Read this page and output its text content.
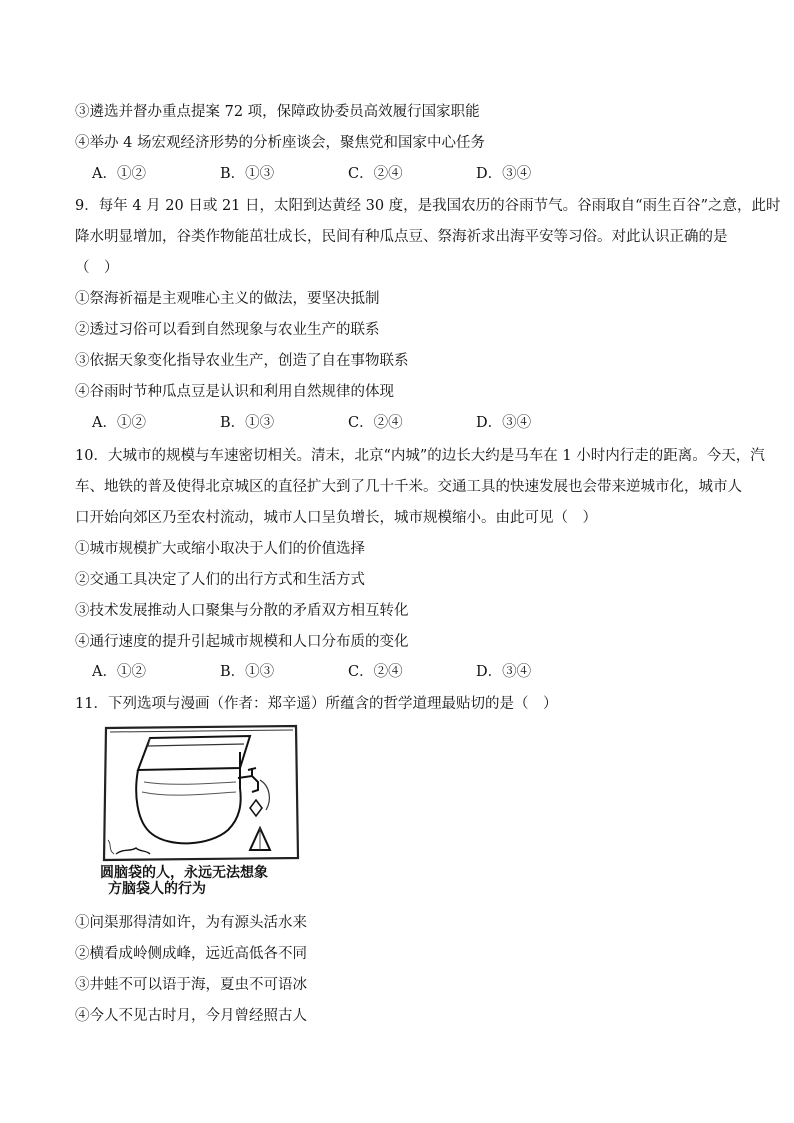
③遴选并督办重点提案 72 项，保障政协委员高效履行国家职能
④举办 4 场宏观经济形势的分析座谈会，聚焦党和国家中心任务
A．①②	B．①③	C．②④	D．③④
9．每年 4 月 20 日或 21 日，太阳到达黄经 30 度，是我国农历的谷雨节气。谷雨取自“雨生百谷”之意，此时
降水明显增加，谷类作物能茁壮成长，民间有种瓜点豆、祭海祈求出海平安等习俗。对此认识正确的是
（　）
①祭海祈福是主观唯心主义的做法，要坚决抵制
②透过习俗可以看到自然现象与农业生产的联系
③依据天象变化指导农业生产，创造了自在事物联系
④谷雨时节种瓜点豆是认识和利用自然规律的体现
A．①②	B．①③	C．②④	D．③④
10．大城市的规模与车速密切相关。清末，北京“内城”的边长大约是马车在 1 小时内行走的距离。今天，汽
车、地铁的普及使得北京城区的直径扩大到了几十千米。交通工具的快速发展也会带来逆城市化，城市人
口开始向郊区乃至农村流动，城市人口呈负增长，城市规模缩小。由此可见（　）
①城市规模扩大或缩小取决于人们的价值选择
②交通工具决定了人们的出行方式和生活方式
③技术发展推动人口聚集与分散的矛盾双方相互转化
④通行速度的提升引起城市规模和人口分布质的变化
A．①②	B．①③	C．②④	D．③④
11．下列选项与漫画（作者：郑辛遥）所蕴含的哲学道理最贴切的是（　）
圆脑袋的人，永远无法想象
方脑袋人的行为
①问渠那得清如许，为有源头活水来
②横看成岭侧成峰，远近高低各不同
③井蛙不可以语于海，夏虫不可语冰
④今人不见古时月，今月曾经照古人
